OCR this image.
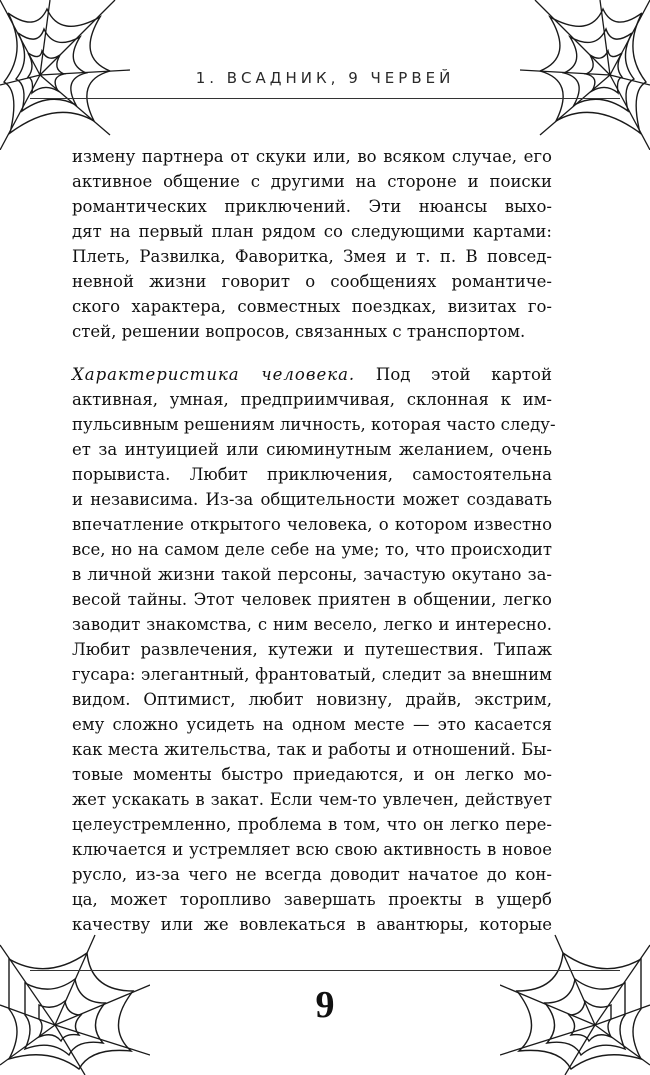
1. ВСАДНИК, 9 ЧЕРВЕЙ
измену партнера от скуки или, во всяком случае, его
активное общение с другими на стороне и поиски
романтических приключений. Эти нюансы выхо-
дят на первый план рядом со следующими картами:
Плеть, Развилка, Фаворитка, Змея и т. п. В повсед-
невной жизни говорит о сообщениях романтиче-
ского характера, совместных поездках, визитах го-
стей, решении вопросов, связанных с транспортом.
Характеристика человека. Под этой картой
активная, умная, предприимчивая, склонная к им-
пульсивным решениям личность, которая часто следу-
ет за интуицией или сиюминутным желанием, очень
порывиста. Любит приключения, самостоятельна
и независима. Из-за общительности может создавать
впечатление открытого человека, о котором известно
все, но на самом деле себе на уме; то, что происходит
в личной жизни такой персоны, зачастую окутано за-
весой тайны. Этот человек приятен в общении, легко
заводит знакомства, с ним весело, легко и интересно.
Любит развлечения, кутежи и путешествия. Типаж
гусара: элегантный, франтоватый, следит за внешним
видом. Оптимист, любит новизну, драйв, экстрим,
ему сложно усидеть на одном месте — это касается
как места жительства, так и работы и отношений. Бы-
товые моменты быстро приедаются, и он легко мо-
жет ускакать в закат. Если чем-то увлечен, действует
целеустремленно, проблема в том, что он легко пере-
ключается и устремляет всю свою активность в новое
русло, из-за чего не всегда доводит начатое до кон-
ца, может торопливо завершать проекты в ущерб
качеству или же вовлекаться в авантюры, которые
9
